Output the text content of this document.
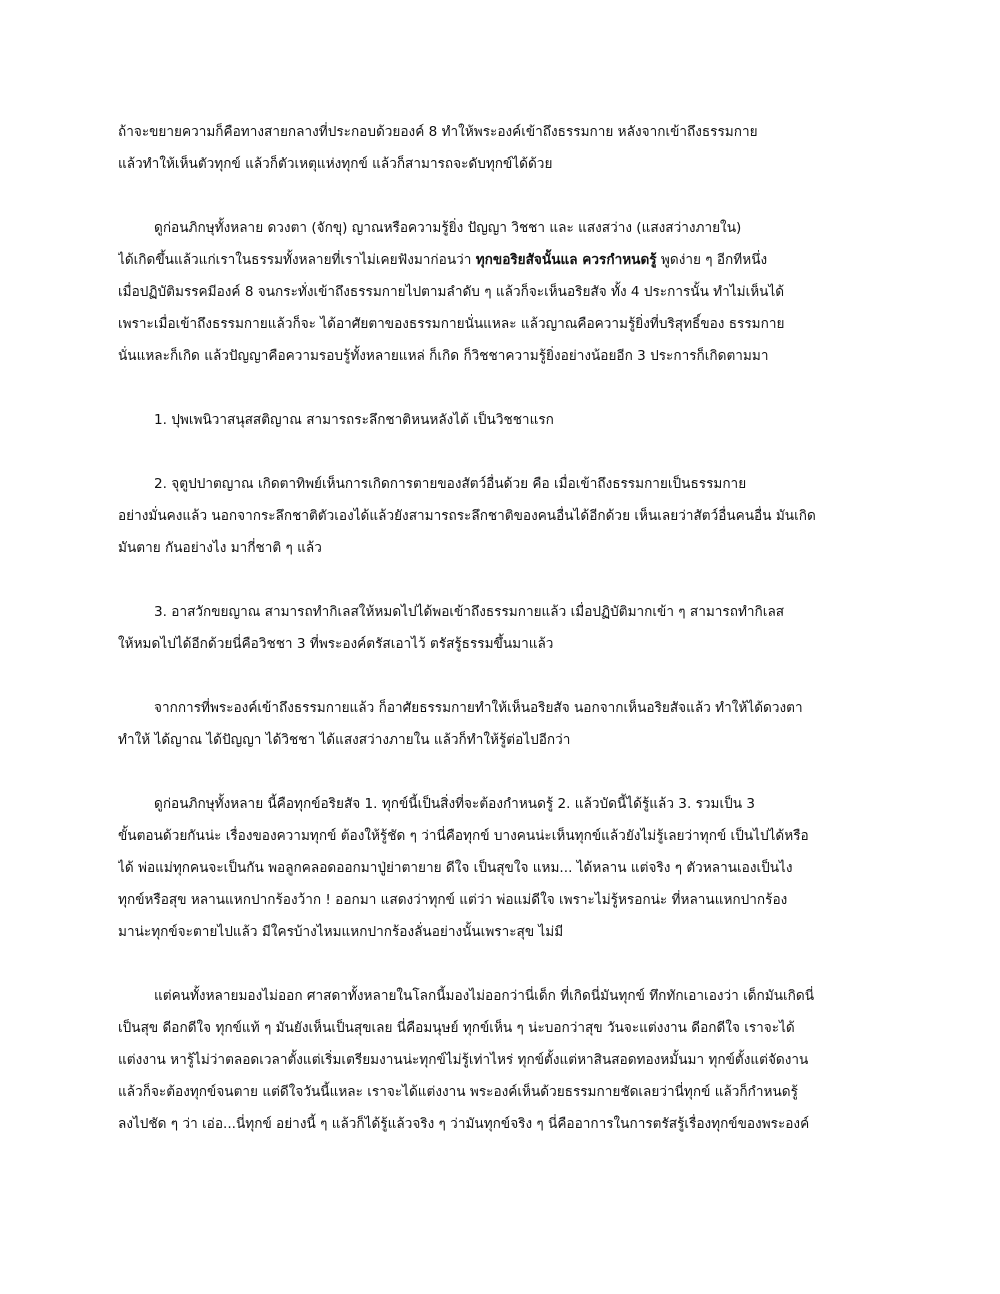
ถ้าจะขยายความก็คือทางสายกลางที่ประกอบด้วยองค์ 8 ทำให้พระองค์เข้าถึงธรรมกาย หลังจากเข้าถึงธรรมกาย
แล้วทำให้เห็นตัวทุกข์ แล้วก็ตัวเหตุแห่งทุกข์ แล้วก็สามารถจะดับทุกข์ได้ด้วย
ดูก่อนภิกษุทั้งหลาย ดวงตา (จักขุ) ญาณหรือความรู้ยิ่ง ปัญญา วิชชา และ แสงสว่าง (แสงสว่างภายใน)
ได้เกิดขึ้นแล้วแก่เราในธรรมทั้งหลายที่เราไม่เคยฟังมาก่อนว่า ทุกขอริยสัจนั้นแล ควรกำหนดรู้ พูดง่าย ๆ อีกทีหนึ่ง
เมื่อปฏิบัติมรรคมีองค์ 8 จนกระทั่งเข้าถึงธรรมกายไปตามลำดับ ๆ แล้วก็จะเห็นอริยสัจ ทั้ง 4 ประการนั้น ทำไม่เห็นได้
เพราะเมื่อเข้าถึงธรรมกายแล้วก็จะ ได้อาศัยตาของธรรมกายนั่นแหละ แล้วญาณคือความรู้ยิ่งที่บริสุทธิ์ของ ธรรมกาย
นั่นแหละก็เกิด แล้วปัญญาคือความรอบรู้ทั้งหลายแหล่ ก็เกิด ก็วิชชาความรู้ยิ่งอย่างน้อยอีก 3 ประการก็เกิดตามมา
1. ปุพเพนิวาสนุสสติญาณ สามารถระลึกชาติหนหลังได้ เป็นวิชชาแรก
2. จุตูปปาตญาณ เกิดตาทิพย์เห็นการเกิดการตายของสัตว์อื่นด้วย คือ เมื่อเข้าถึงธรรมกายเป็นธรรมกาย
อย่างมั่นคงแล้ว นอกจากระลึกชาติตัวเองได้แล้วยังสามารถระลึกชาติของคนอื่นได้อีกด้วย เห็นเลยว่าสัตว์อื่นคนอื่น มันเกิด
มันตาย กันอย่างไง มากี่ชาติ ๆ แล้ว
3. อาสวักขยญาณ สามารถทำกิเลสให้หมดไปได้พอเข้าถึงธรรมกายแล้ว เมื่อปฏิบัติมากเข้า ๆ สามารถทำกิเลส
ให้หมดไปได้อีกด้วยนี่คือวิชชา 3 ที่พระองค์ตรัสเอาไว้ ตรัสรู้ธรรมขึ้นมาแล้ว
จากการที่พระองค์เข้าถึงธรรมกายแล้ว ก็อาศัยธรรมกายทำให้เห็นอริยสัจ นอกจากเห็นอริยสัจแล้ว ทำให้ได้ดวงตา
ทำให้ ได้ญาณ ได้ปัญญา ได้วิชชา ได้แสงสว่างภายใน แล้วก็ทำให้รู้ต่อไปอีกว่า
ดูก่อนภิกษุทั้งหลาย นี้คือทุกข์อริยสัจ 1. ทุกข์นี้เป็นสิ่งที่จะต้องกำหนดรู้ 2. แล้วบัดนี้ได้รู้แล้ว 3. รวมเป็น 3
ขั้นตอนด้วยกันน่ะ เรื่องของความทุกข์ ต้องให้รู้ชัด ๆ ว่านี่คือทุกข์ บางคนน่ะเห็นทุกข์แล้วยังไม่รู้เลยว่าทุกข์ เป็นไปได้หรือ
ได้ พ่อแม่ทุกคนจะเป็นกัน พอลูกคลอดออกมาปู่ย่าตายาย ดีใจ เป็นสุขใจ แหม... ได้หลาน แต่จริง ๆ ตัวหลานเองเป็นไง
ทุกข์หรือสุข หลานแหกปากร้องว้าก ! ออกมา แสดงว่าทุกข์ แต่ว่า พ่อแม่ดีใจ เพราะไม่รู้หรอกน่ะ ที่หลานแหกปากร้อง
มาน่ะทุกข์จะตายไปแล้ว มีใครบ้างไหมแหกปากร้องลั่นอย่างนั้นเพราะสุข ไม่มี
แต่คนทั้งหลายมองไม่ออก ศาสดาทั้งหลายในโลกนี้มองไม่ออกว่านี่เด็ก ที่เกิดนี่มันทุกข์ ทึกทักเอาเองว่า เด็กมันเกิดนี่
เป็นสุข ดีอกดีใจ ทุกข์แท้ ๆ มันยังเห็นเป็นสุขเลย นี่คือมนุษย์ ทุกข์เห็น ๆ น่ะบอกว่าสุข วันจะแต่งงาน ดีอกดีใจ เราจะได้
แต่งงาน หารู้ไม่ว่าตลอดเวลาตั้งแต่เริ่มเตรียมงานน่ะทุกข์ไม่รู้เท่าไหร่ ทุกข์ตั้งแต่หาสินสอดทองหมั้นมา ทุกข์ตั้งแต่จัดงาน
แล้วก็จะต้องทุกข์จนตาย แต่ดีใจวันนี้แหละ เราจะได้แต่งงาน พระองค์เห็นด้วยธรรมกายชัดเลยว่านี่ทุกข์ แล้วก็กำหนดรู้
ลงไปชัด ๆ ว่า เอ่อ...นี่ทุกข์ อย่างนี้ ๆ แล้วก็ได้รู้แล้วจริง ๆ ว่ามันทุกข์จริง ๆ นี่คืออาการในการตรัสรู้เรื่องทุกข์ของพระองค์
